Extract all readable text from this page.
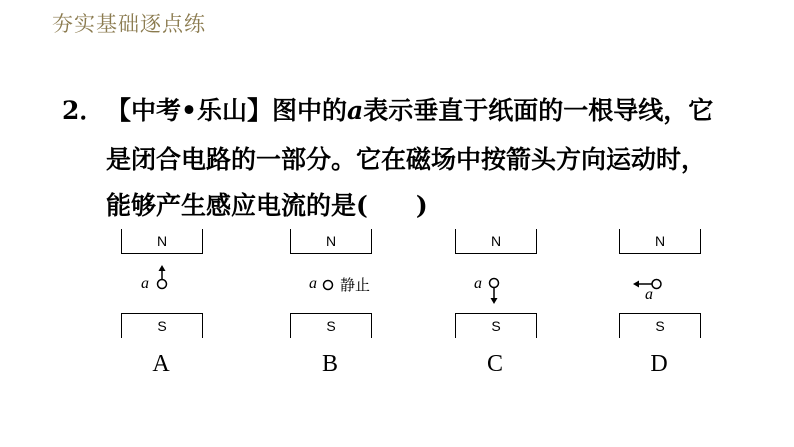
夯实基础逐点练
2． 【中考•乐山】图中的a表示垂直于纸面的一根导线，它
是闭合电路的一部分。它在磁场中按箭头方向运动时，
能够产生感应电流的是( )
N
a
S
A
N
a 静止
S
B
N
a
S
C
N
a
S
D
